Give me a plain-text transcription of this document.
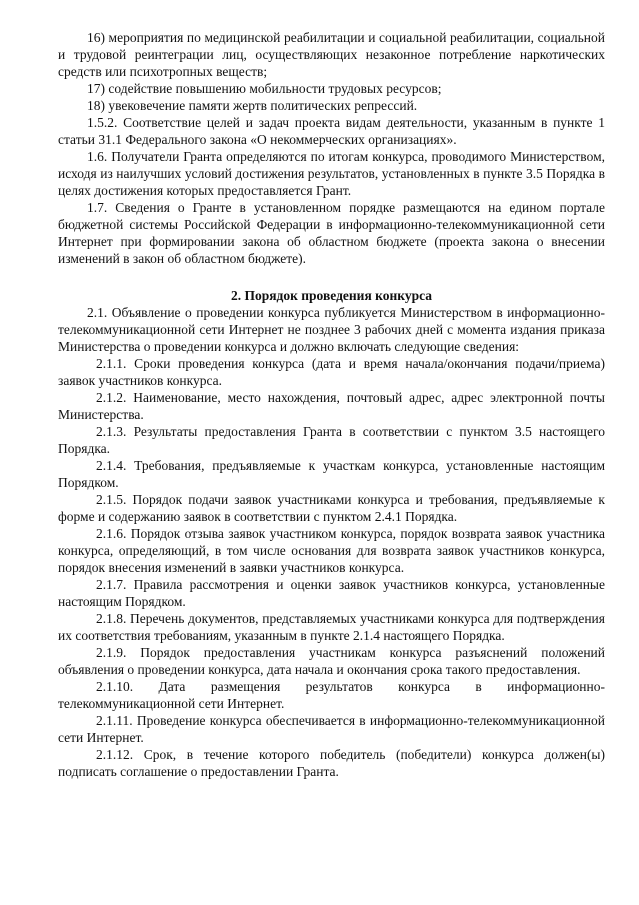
16) мероприятия по медицинской реабилитации и социальной реабилитации, социальной и трудовой реинтеграции лиц, осуществляющих незаконное потребление наркотических средств или психотропных веществ;

17) содействие повышению мобильности трудовых ресурсов;

18) увековечение памяти жертв политических репрессий.

1.5.2. Соответствие целей и задач проекта видам деятельности, указанным в пункте 1 статьи 31.1 Федерального закона «О некоммерческих организациях».

1.6. Получатели Гранта определяются по итогам конкурса, проводимого Министерством, исходя из наилучших условий достижения результатов, установленных в пункте 3.5 Порядка в целях достижения которых предоставляется Грант.

1.7. Сведения о Гранте в установленном порядке размещаются на едином портале бюджетной системы Российской Федерации в информационно-телекоммуникационной сети Интернет при формировании закона об областном бюджете (проекта закона о внесении изменений в закон об областном бюджете).

2. Порядок проведения конкурса

2.1. Объявление о проведении конкурса публикуется Министерством в информационно-телекоммуникационной сети Интернет не позднее 3 рабочих дней с момента издания приказа Министерства о проведении конкурса и должно включать следующие сведения:

2.1.1. Сроки проведения конкурса (дата и время начала/окончания подачи/приема) заявок участников конкурса.

2.1.2. Наименование, место нахождения, почтовый адрес, адрес электронной почты Министерства.

2.1.3. Результаты предоставления Гранта в соответствии с пунктом 3.5 настоящего Порядка.

2.1.4. Требования, предъявляемые к участкам конкурса, установленные настоящим Порядком.

2.1.5. Порядок подачи заявок участниками конкурса и требования, предъявляемые к форме и содержанию заявок в соответствии с пунктом 2.4.1 Порядка.

2.1.6. Порядок отзыва заявок участником конкурса, порядок возврата заявок участника конкурса, определяющий, в том числе основания для возврата заявок участников конкурса, порядок внесения изменений в заявки участников конкурса.

2.1.7. Правила рассмотрения и оценки заявок участников конкурса, установленные настоящим Порядком.

2.1.8. Перечень документов, представляемых участниками конкурса для подтверждения их соответствия требованиям, указанным в пункте 2.1.4 настоящего Порядка.

2.1.9. Порядок предоставления участникам конкурса разъяснений положений объявления о проведении конкурса, дата начала и окончания срока такого предоставления.

2.1.10. Дата размещения результатов конкурса в информационно-телекоммуникационной сети Интернет.

2.1.11. Проведение конкурса обеспечивается в информационно-телекоммуникационной сети Интернет.

2.1.12. Срок, в течение которого победитель (победители) конкурса должен(ы) подписать соглашение о предоставлении Гранта.
